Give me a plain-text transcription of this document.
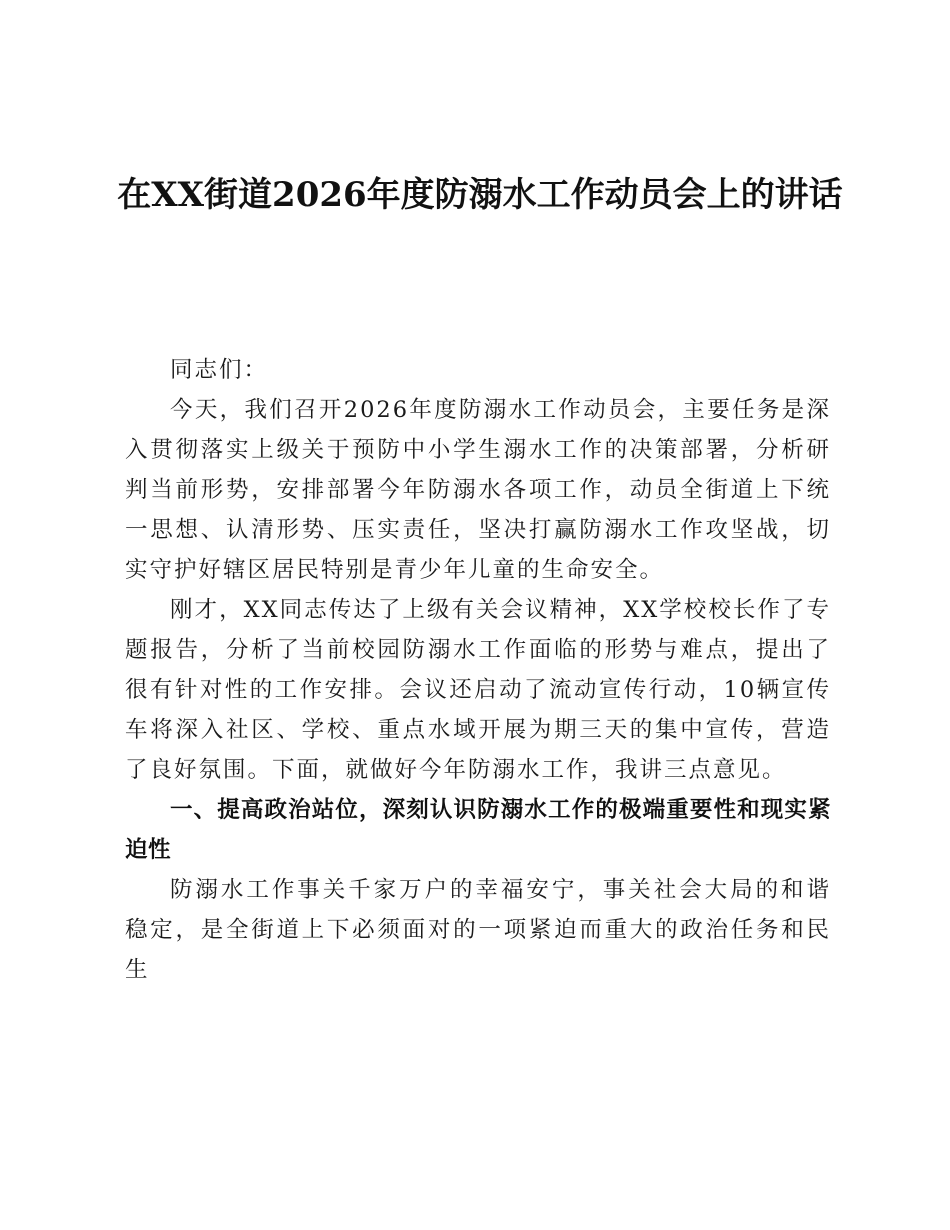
在XX街道2026年度防溺水工作动员会上的讲话

同志们：

今天，我们召开2026年度防溺水工作动员会，主要任务是深入贯彻落实上级关于预防中小学生溺水工作的决策部署，分析研判当前形势，安排部署今年防溺水各项工作，动员全街道上下统一思想、认清形势、压实责任，坚决打赢防溺水工作攻坚战，切实守护好辖区居民特别是青少年儿童的生命安全。

刚才，XX同志传达了上级有关会议精神，XX学校校长作了专题报告，分析了当前校园防溺水工作面临的形势与难点，提出了很有针对性的工作安排。会议还启动了流动宣传行动，10辆宣传车将深入社区、学校、重点水域开展为期三天的集中宣传，营造了良好氛围。下面，就做好今年防溺水工作，我讲三点意见。

一、提高政治站位，深刻认识防溺水工作的极端重要性和现实紧迫性

防溺水工作事关千家万户的幸福安宁，事关社会大局的和谐稳定，是全街道上下必须面对的一项紧迫而重大的政治任务和民生
